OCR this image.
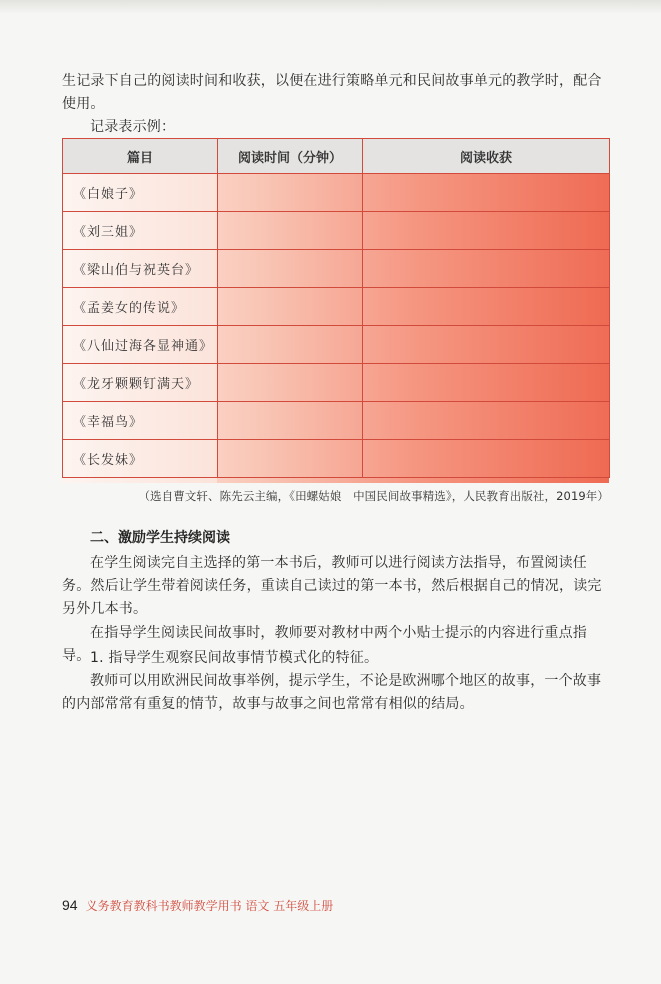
生记录下自己的阅读时间和收获，以便在进行策略单元和民间故事单元的教学时，配合使用。
记录表示例：
篇目	阅读时间（分钟）	阅读收获
《白娘子》		
《刘三姐》		
《梁山伯与祝英台》		
《孟姜女的传说》		
《八仙过海各显神通》		
《龙牙颗颗钉满天》		
《幸福鸟》		
《长发妹》		
（选自曹文轩、陈先云主编，《田螺姑娘　中国民间故事精选》，人民教育出版社，2019年）
二、激励学生持续阅读
在学生阅读完自主选择的第一本书后，教师可以进行阅读方法指导，布置阅读任务。然后让学生带着阅读任务，重读自己读过的第一本书，然后根据自己的情况，读完另外几本书。
在指导学生阅读民间故事时，教师要对教材中两个小贴士提示的内容进行重点指导。 1. 指导学生观察民间故事情节模式化的特征。
教师可以用欧洲民间故事举例，提示学生，不论是欧洲哪个地区的故事，一个故事的内部常常有重复的情节，故事与故事之间也常常有相似的结局。
94 义务教育教科书教师教学用书 语文 五年级上册
